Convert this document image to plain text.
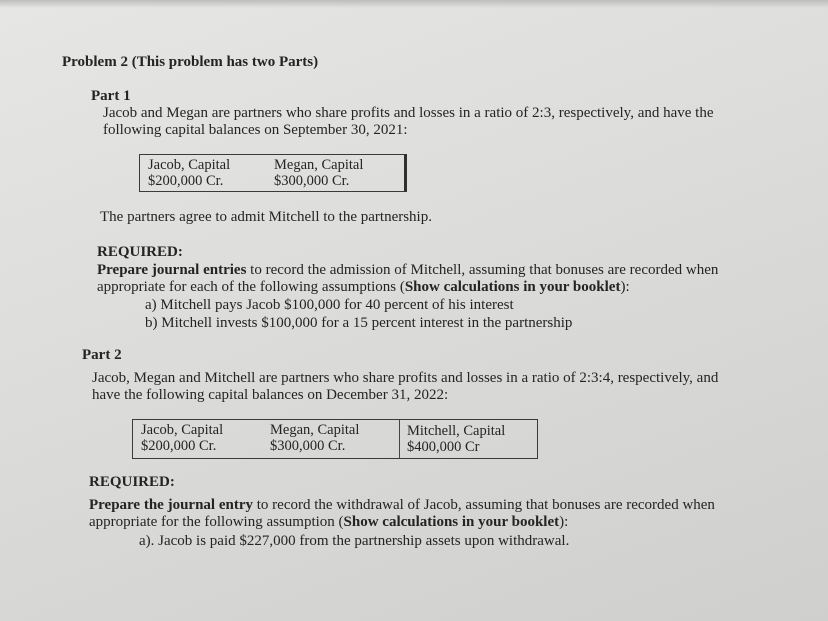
Problem 2 (This problem has two Parts)
Part 1
Jacob and Megan are partners who share profits and losses in a ratio of 2:3, respectively, and have the
following capital balances on September 30, 2021:
Jacob, Capital
$200,000 Cr.
Megan, Capital
$300,000 Cr.
The partners agree to admit Mitchell to the partnership.
REQUIRED:
Prepare journal entries to record the admission of Mitchell, assuming that bonuses are recorded when
appropriate for each of the following assumptions (Show calculations in your booklet):
a) Mitchell pays Jacob $100,000 for 40 percent of his interest
b) Mitchell invests $100,000 for a 15 percent interest in the partnership
Part 2
Jacob, Megan and Mitchell are partners who share profits and losses in a ratio of 2:3:4, respectively, and
have the following capital balances on December 31, 2022:
Jacob, Capital
$200,000 Cr.
Megan, Capital
$300,000 Cr.
Mitchell, Capital
$400,000 Cr
REQUIRED:
Prepare the journal entry to record the withdrawal of Jacob, assuming that bonuses are recorded when
appropriate for the following assumption (Show calculations in your booklet):
a). Jacob is paid $227,000 from the partnership assets upon withdrawal.
